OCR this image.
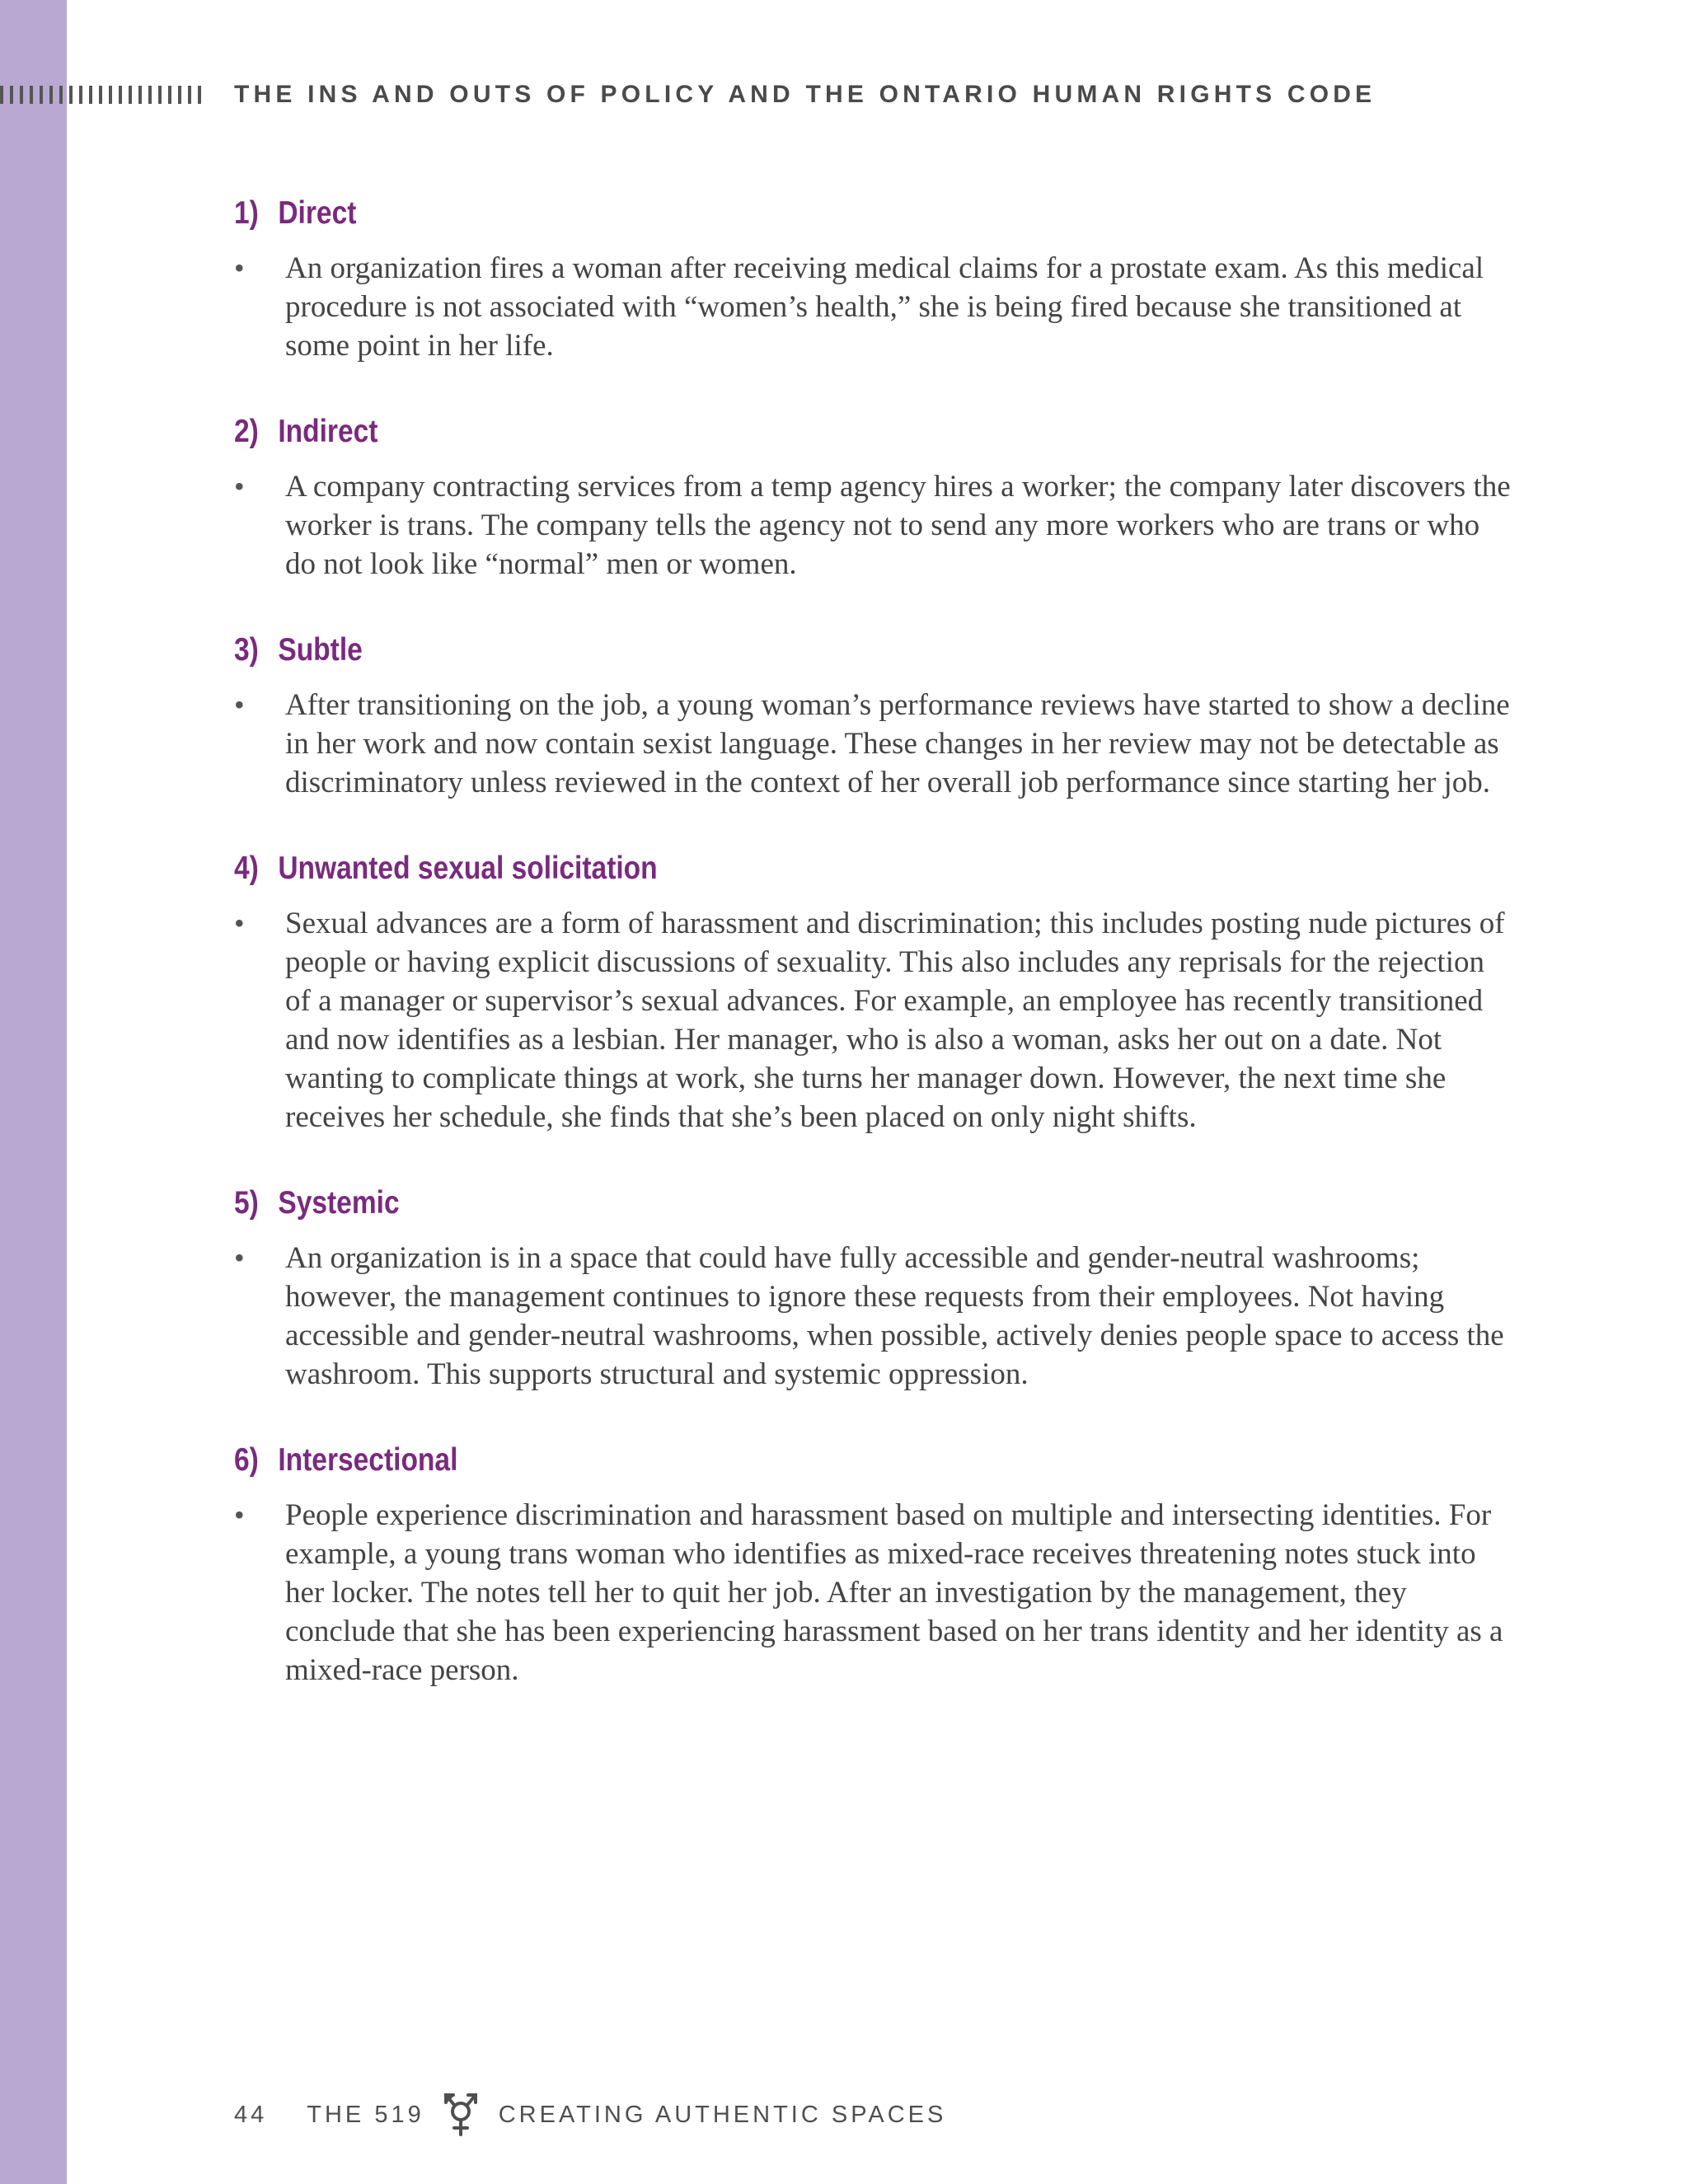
THE INS AND OUTS OF POLICY AND THE ONTARIO HUMAN RIGHTS CODE
1) Direct
•	An organization fires a woman after receiving medical claims for a prostate exam. As this medical procedure is not associated with “women’s health,” she is being fired because she transitioned at some point in her life.
2) Indirect
•	A company contracting services from a temp agency hires a worker; the company later discovers the worker is trans. The company tells the agency not to send any more workers who are trans or who do not look like “normal” men or women.
3) Subtle
•	After transitioning on the job, a young woman’s performance reviews have started to show a decline in her work and now contain sexist language. These changes in her review may not be detectable as discriminatory unless reviewed in the context of her overall job performance since starting her job.
4) Unwanted sexual solicitation
•	Sexual advances are a form of harassment and discrimination; this includes posting nude pictures of people or having explicit discussions of sexuality. This also includes any reprisals for the rejection of a manager or supervisor’s sexual advances. For example, an employee has recently transitioned and now identifies as a lesbian. Her manager, who is also a woman, asks her out on a date. Not wanting to complicate things at work, she turns her manager down. However, the next time she receives her schedule, she finds that she’s been placed on only night shifts.
5) Systemic
•	An organization is in a space that could have fully accessible and gender-neutral washrooms; however, the management continues to ignore these requests from their employees. Not having accessible and gender-neutral washrooms, when possible, actively denies people space to access the washroom. This supports structural and systemic oppression.
6) Intersectional
•	People experience discrimination and harassment based on multiple and intersecting identities. For example, a young trans woman who identifies as mixed-race receives threatening notes stuck into her locker. The notes tell her to quit her job. After an investigation by the management, they conclude that she has been experiencing harassment based on her trans identity and her identity as a mixed-race person.
44 THE 519	CREATING AUTHENTIC SPACES
